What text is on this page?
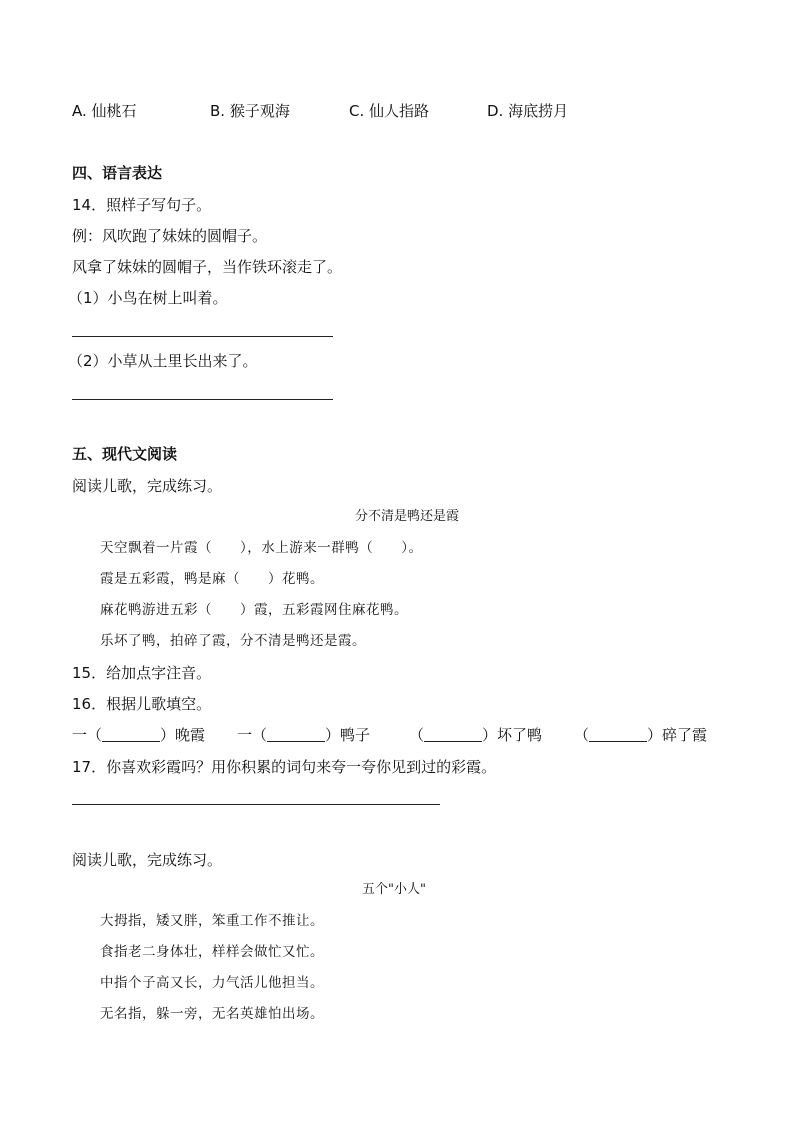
A. 仙桃石	B. 猴子观海	C. 仙人指路	D. 海底捞月
四、语言表达
14．照样子写句子。
例：风吹跑了妹妹的圆帽子。
风拿了妹妹的圆帽子，当作铁环滚走了。
（1）小鸟在树上叫着。
（2）小草从土里长出来了。
五、现代文阅读
阅读儿歌，完成练习。
分不清是鸭还是霞
天空飘着一片霞（　　），水上游来一群鸭（　　）。
霞是五彩霞，鸭是麻（　　）花鸭。
麻花鸭游进五彩（　　）霞，五彩霞网住麻花鸭。
乐坏了鸭，拍碎了霞，分不清是鸭还是霞。
15．给加点字注音。
16．根据儿歌填空。
一（	）晚霞 一（	）鸭子	（	）坏了鸭 （	）碎了霞
17．你喜欢彩霞吗？用你积累的词句来夸一夸你见到过的彩霞。
阅读儿歌，完成练习。
五个"小人"
大拇指，矮又胖，笨重工作不推让。
食指老二身体壮，样样会做忙又忙。
中指个子高又长，力气活儿他担当。
无名指，躲一旁，无名英雄怕出场。
